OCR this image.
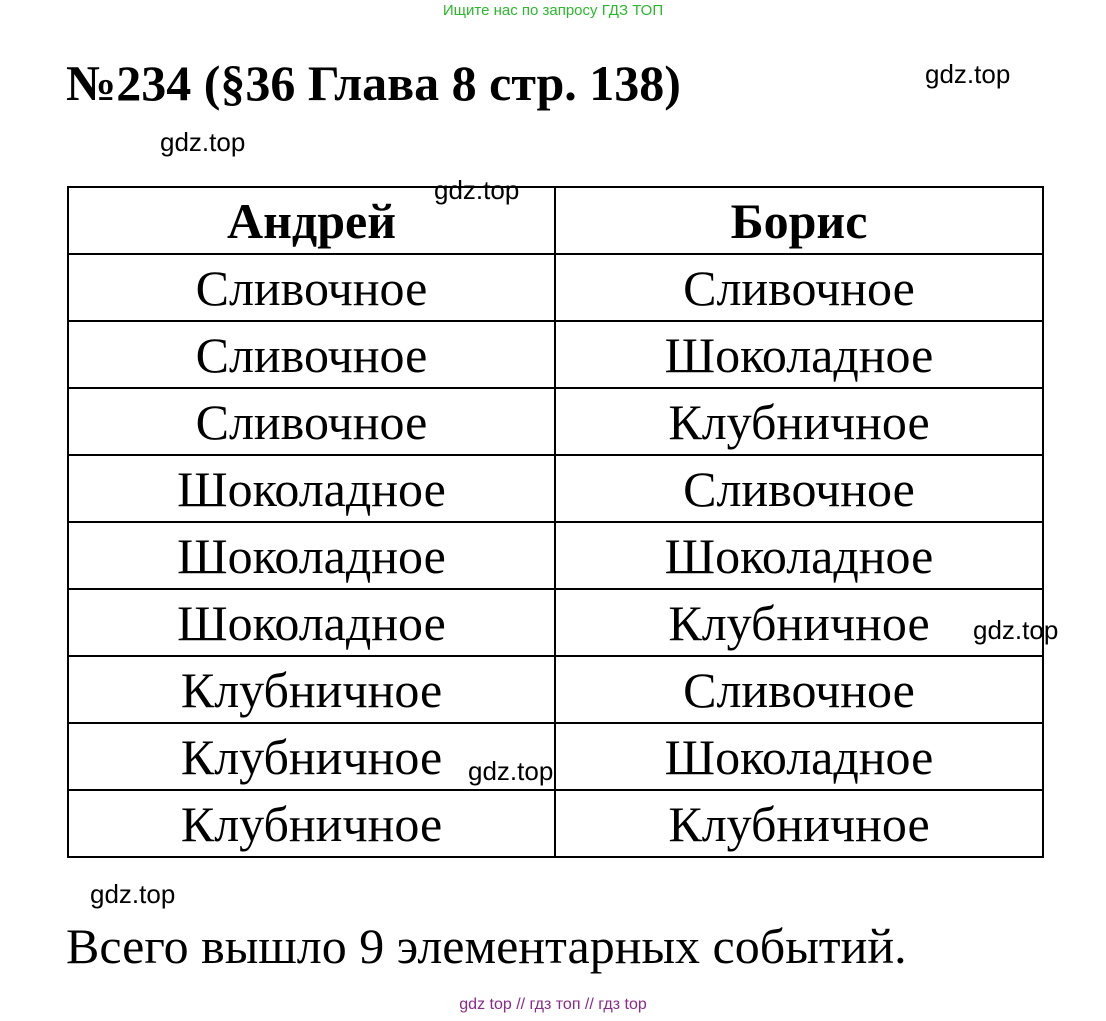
Ищите нас по запросу ГДЗ ТОП
№234 (§36 Глава 8 стр. 138)
Андрей	Борис
Сливочное	Сливочное
Сливочное	Шоколадное
Сливочное	Клубничное
Шоколадное	Сливочное
Шоколадное	Шоколадное
Шоколадное	Клубничное
Клубничное	Сливочное
Клубничное	Шоколадное
Клубничное	Клубничное
gdz.top
gdz.top
gdz.top
gdz.top
gdz.top
gdz.top
Всего вышло 9 элементарных событий.
gdz top // гдз топ // гдз top
